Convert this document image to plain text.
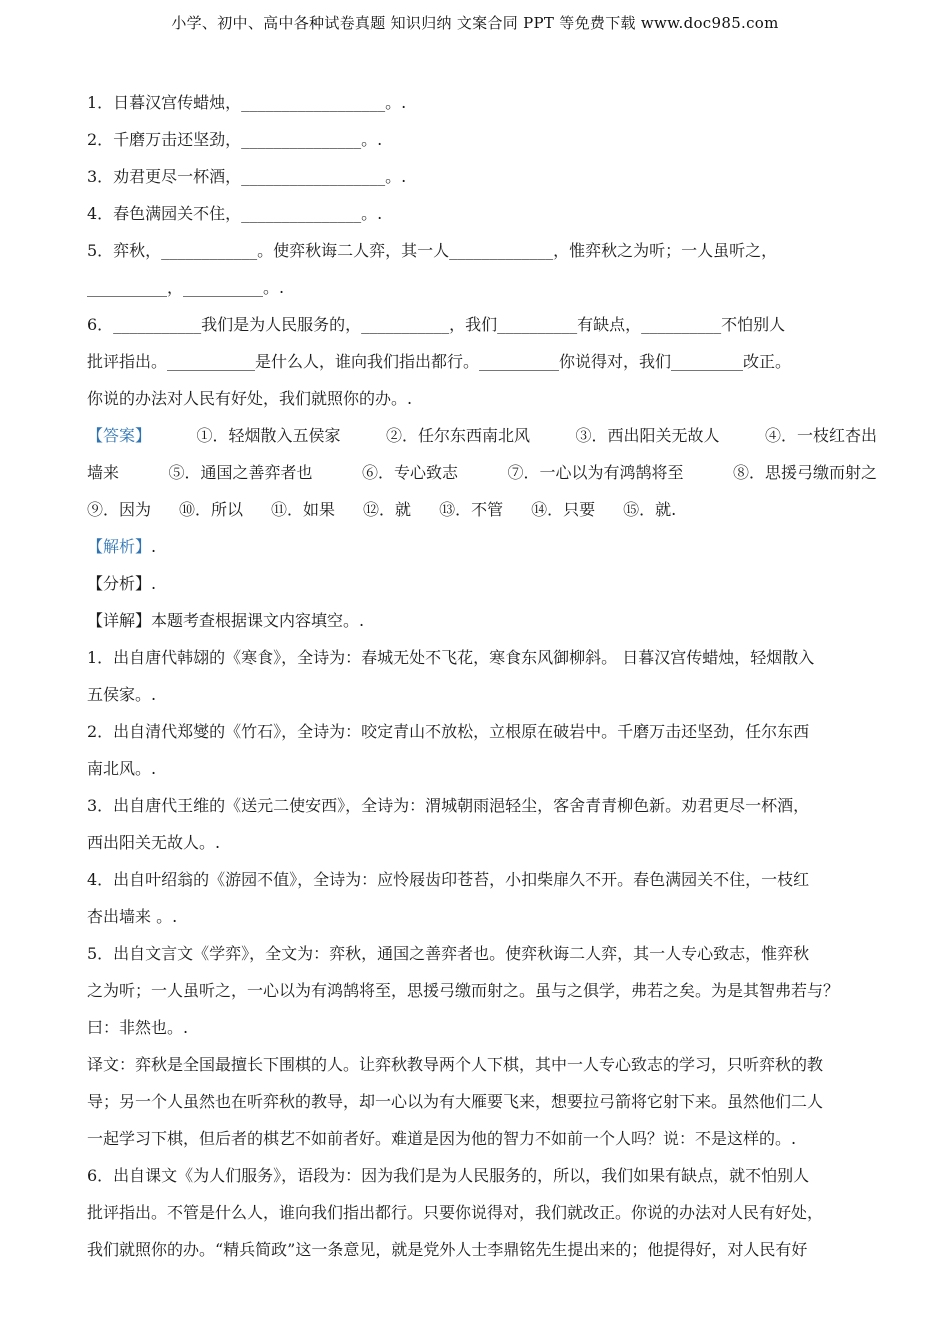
小学、初中、高中各种试卷真题 知识归纳 文案合同 PPT 等免费下载 www.doc985.com
1．日暮汉宫传蜡烛，__________________。.
2．千磨万击还坚劲，_______________。.
3．劝君更尽一杯酒，__________________。.
4．春色满园关不住，_______________。.
5．弈秋，____________。使弈秋诲二人弈，其一人_____________，惟弈秋之为听；一人虽听之，
__________，__________。.
6．___________我们是为人民服务的，___________，我们__________有缺点，__________不怕别人
批评指出。___________是什么人，谁向我们指出都行。__________你说得对，我们_________改正。
你说的办法对人民有好处，我们就照你的办。.
【答案】	①．轻烟散入五侯家	②．任尔东西南北风	③．西出阳关无故人	④．一枝红杏出
墙来	⑤．通国之善弈者也	⑥．专心致志	⑦．一心以为有鸿鹄将至	⑧．思援弓缴而射之
⑨．因为 ⑩．所以 ⑪．如果 ⑫．就 ⑬．不管 ⑭．只要 ⑮．就.
【解析】.
【分析】.
【详解】本题考查根据课文内容填空。.
1．出自唐代韩翃的《寒食》，全诗为：春城无处不飞花，寒食东风御柳斜。 日暮汉宫传蜡烛，轻烟散入
五侯家。.
2．出自清代郑燮的《竹石》，全诗为：咬定青山不放松，立根原在破岩中。千磨万击还坚劲，任尔东西
南北风。.
3．出自唐代王维的《送元二使安西》，全诗为：渭城朝雨浥轻尘，客舍青青柳色新。劝君更尽一杯酒，
西出阳关无故人。.
4．出自叶绍翁的《游园不值》，全诗为：应怜屐齿印苍苔，小扣柴扉久不开。春色满园关不住，一枝红
杏出墙来 。.
5．出自文言文《学弈》，全文为：弈秋，通国之善弈者也。使弈秋诲二人弈，其一人专心致志，惟弈秋
之为听；一人虽听之，一心以为有鸿鹄将至，思援弓缴而射之。虽与之俱学，弗若之矣。为是其智弗若与？
曰：非然也。.
译文：弈秋是全国最擅长下围棋的人。让弈秋教导两个人下棋，其中一人专心致志的学习，只听弈秋的教
导；另一个人虽然也在听弈秋的教导，却一心以为有大雁要飞来，想要拉弓箭将它射下来。虽然他们二人
一起学习下棋，但后者的棋艺不如前者好。难道是因为他的智力不如前一个人吗？说：不是这样的。.
6．出自课文《为人们服务》，语段为：因为我们是为人民服务的，所以，我们如果有缺点，就不怕别人
批评指出。不管是什么人，谁向我们指出都行。只要你说得对，我们就改正。你说的办法对人民有好处，
我们就照你的办。“精兵简政”这一条意见，就是党外人士李鼎铭先生提出来的；他提得好，对人民有好
